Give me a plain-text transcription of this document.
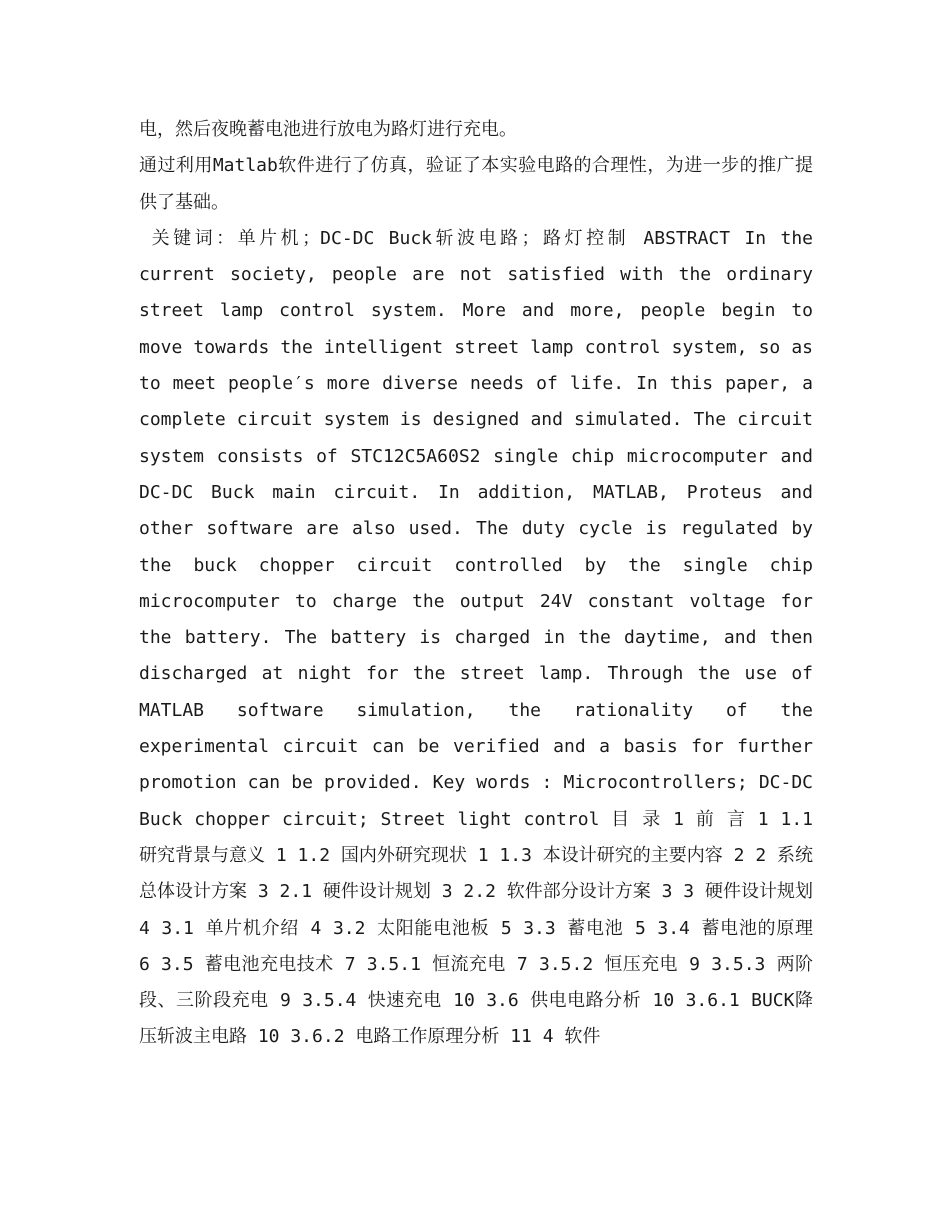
电，然后夜晚蓄电池进行放电为路灯进行充电。

通过利用Matlab软件进行了仿真，验证了本实验电路的合理性，为进一步的推广提供了基础。

关键词：单片机；DC-DC Buck斩波电路；路灯控制 ABSTRACT In the current society, people are not satisfied with the ordinary street lamp control system. More and more, people begin to move towards the intelligent street lamp control system, so as to meet people′s more diverse needs of life. In this paper, a complete circuit system is designed and simulated. The circuit system consists of STC12C5A60S2 single chip microcomputer and DC-DC Buck main circuit. In addition, MATLAB, Proteus and other software are also used. The duty cycle is regulated by the buck chopper circuit controlled by the single chip microcomputer to charge the output 24V constant voltage for the battery. The battery is charged in the daytime, and then discharged at night for the street lamp. Through the use of MATLAB software simulation, the rationality of the experimental circuit can be verified and a basis for further promotion can be provided. Key words : Microcontrollers; DC-DC Buck chopper circuit; Street light control 目 录 1 前 言 1 1.1 研究背景与意义 1 1.2 国内外研究现状 1 1.3 本设计研究的主要内容 2 2 系统总体设计方案 3 2.1 硬件设计规划 3 2.2 软件部分设计方案 3 3 硬件设计规划 4 3.1 单片机介绍 4 3.2 太阳能电池板 5 3.3 蓄电池 5 3.4 蓄电池的原理 6 3.5 蓄电池充电技术 7 3.5.1 恒流充电 7 3.5.2 恒压充电 9 3.5.3 两阶段、三阶段充电 9 3.5.4 快速充电 10 3.6 供电电路分析 10 3.6.1 BUCK降压斩波主电路 10 3.6.2 电路工作原理分析 11 4 软件
